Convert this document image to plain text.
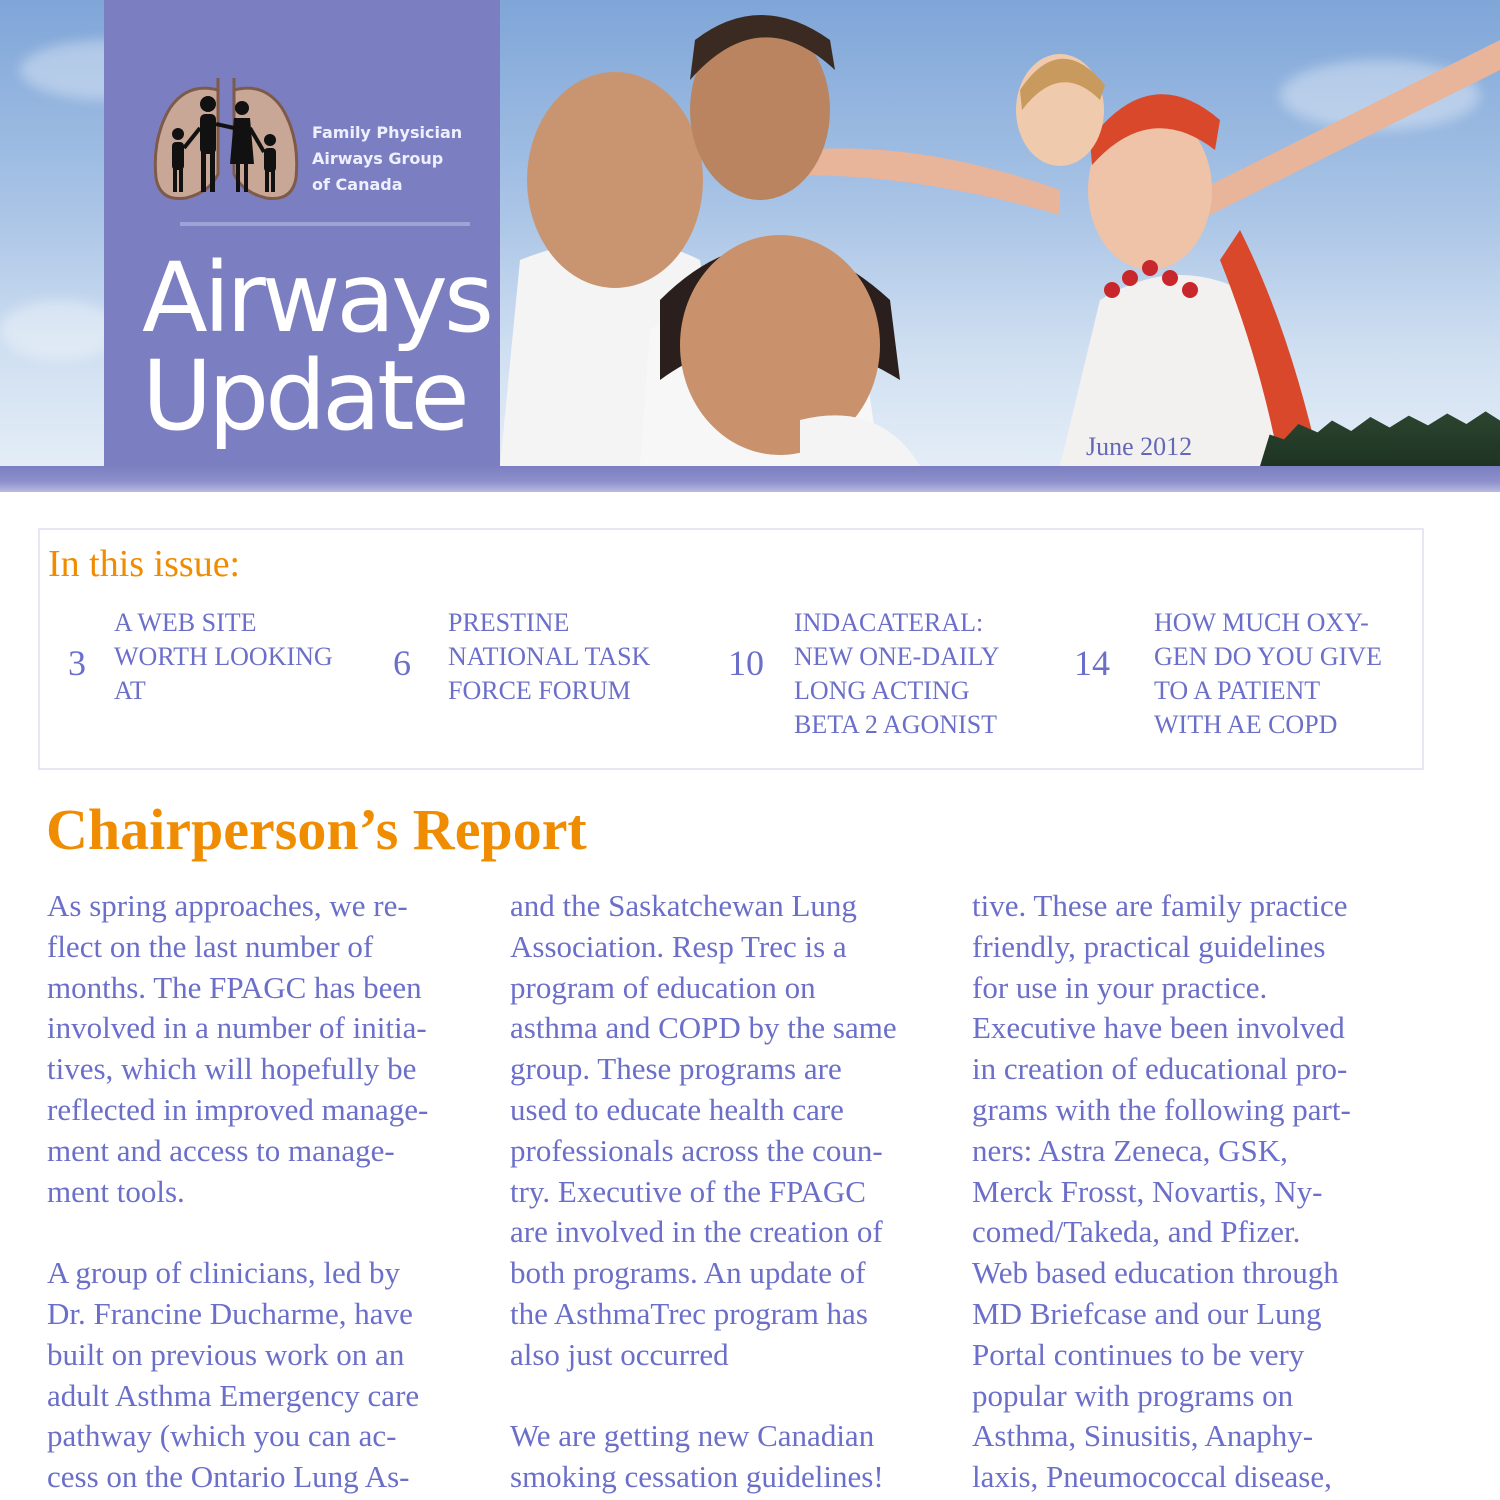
Family Physician
Airways Group
of Canada
Airways
Update	June 2012
In this issue:
3
A WEB SITE
WORTH LOOKING
AT
6
PRESTINE
NATIONAL TASK
FORCE FORUM
10
INDACATERAL:
NEW ONE-DAILY
LONG ACTING
BETA 2 AGONIST
14
HOW MUCH OXY-
GEN DO YOU GIVE
TO A PATIENT
WITH AE COPD
Chairperson’s Report
As spring approaches, we re-
flect on the last number of
months. The FPAGC has been
involved in a number of initia-
tives, which will hopefully be
reflected in improved manage-
ment and access to manage-
ment tools.
A group of clinicians, led by
Dr. Francine Ducharme, have
built on previous work on an
adult Asthma Emergency care
pathway (which you can ac-
cess on the Ontario Lung As-
and the Saskatchewan Lung
Association. Resp Trec is a
program of education on
asthma and COPD by the same
group. These programs are
used to educate health care
professionals across the coun-
try. Executive of the FPAGC
are involved in the creation of
both programs. An update of
the AsthmaTrec program has
also just occurred
We are getting new Canadian
smoking cessation guidelines!
tive. These are family practice
friendly, practical guidelines
for use in your practice.
Executive have been involved
in creation of educational pro-
grams with the following part-
ners: Astra Zeneca, GSK,
Merck Frosst, Novartis, Ny-
comed/Takeda, and Pfizer.
Web based education through
MD Briefcase and our Lung
Portal continues to be very
popular with programs on
Asthma, Sinusitis, Anaphy-
laxis, Pneumococcal disease,
